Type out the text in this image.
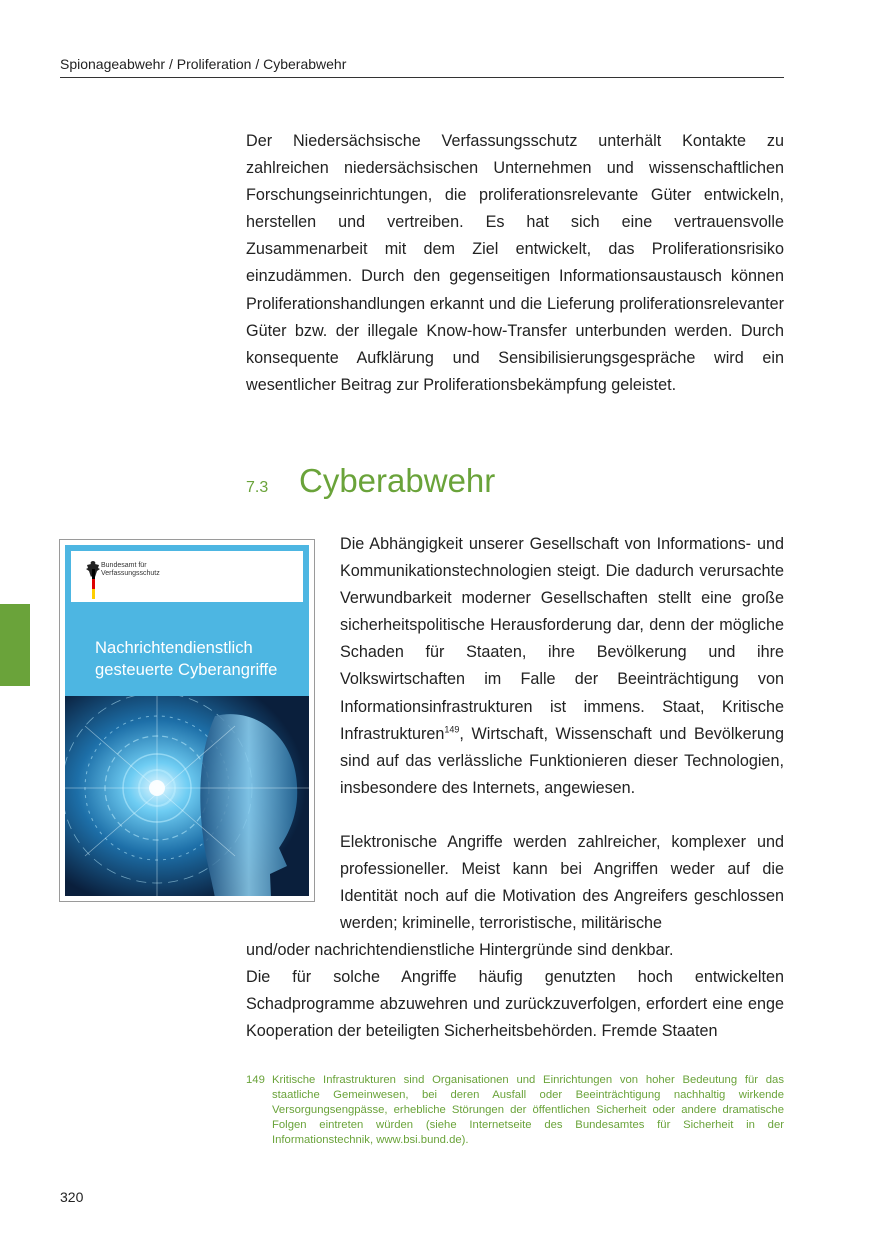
Spionageabwehr / Proliferation / Cyberabwehr

Der Niedersächsische Verfassungsschutz unterhält Kontakte zu zahlreichen niedersächsischen Unternehmen und wissenschaftlichen Forschungseinrichtungen, die proliferationsrelevante Güter entwickeln, herstellen und vertreiben. Es hat sich eine vertrauensvolle Zusammenarbeit mit dem Ziel entwickelt, das Proliferationsrisiko einzudämmen. Durch den gegenseitigen Informationsaustausch können Proliferationshandlungen erkannt und die Lieferung proliferationsrelevanter Güter bzw. der illegale Know-how-Transfer unterbunden werden. Durch konsequente Aufklärung und Sensibilisierungsgespräche wird ein wesentlicher Beitrag zur Proliferationsbekämpfung geleistet.

7.3 Cyberabwehr
Bundesamt für
Verfassungsschutz
Nachrichtendienstlich
gesteuerte Cyberangriffe

Die Abhängigkeit unserer Gesellschaft von Informations- und Kommunikationstechnologien steigt. Die dadurch verursachte Verwundbarkeit moderner Gesellschaften stellt eine große sicherheitspolitische Herausforderung dar, denn der mögliche Schaden für Staaten, ihre Bevölkerung und ihre Volkswirtschaften im Falle der Beeinträchtigung von Informationsinfrastrukturen ist immens. Staat, Kritische Infrastrukturen$^{149}$, Wirtschaft, Wissenschaft und Bevölkerung sind auf das verlässliche Funktionieren dieser Technologien, insbesondere des Internets, angewiesen.

Elektronische Angriffe werden zahlreicher, komplexer und professioneller. Meist kann bei Angriffen weder auf die Identität noch auf die Motivation des Angreifers geschlossen werden; kriminelle, terroristische, militärische

und/oder nachrichtendienstliche Hintergründe sind denkbar.

Die für solche Angriffe häufig genutzten hoch entwickelten Schadprogramme abzuwehren und zurückzuverfolgen, erfordert eine enge Kooperation der beteiligten Sicherheitsbehörden. Fremde Staaten

149 Kritische Infrastrukturen sind Organisationen und Einrichtungen von hoher Bedeutung für das staatliche Gemeinwesen, bei deren Ausfall oder Beeinträchtigung nachhaltig wirkende Versorgungsengpässe, erhebliche Störungen der öffentlichen Sicherheit oder andere dramatische Folgen eintreten würden (siehe Internetseite des Bundesamtes für Sicherheit in der Informationstechnik, www.bsi.bund.de).
320
